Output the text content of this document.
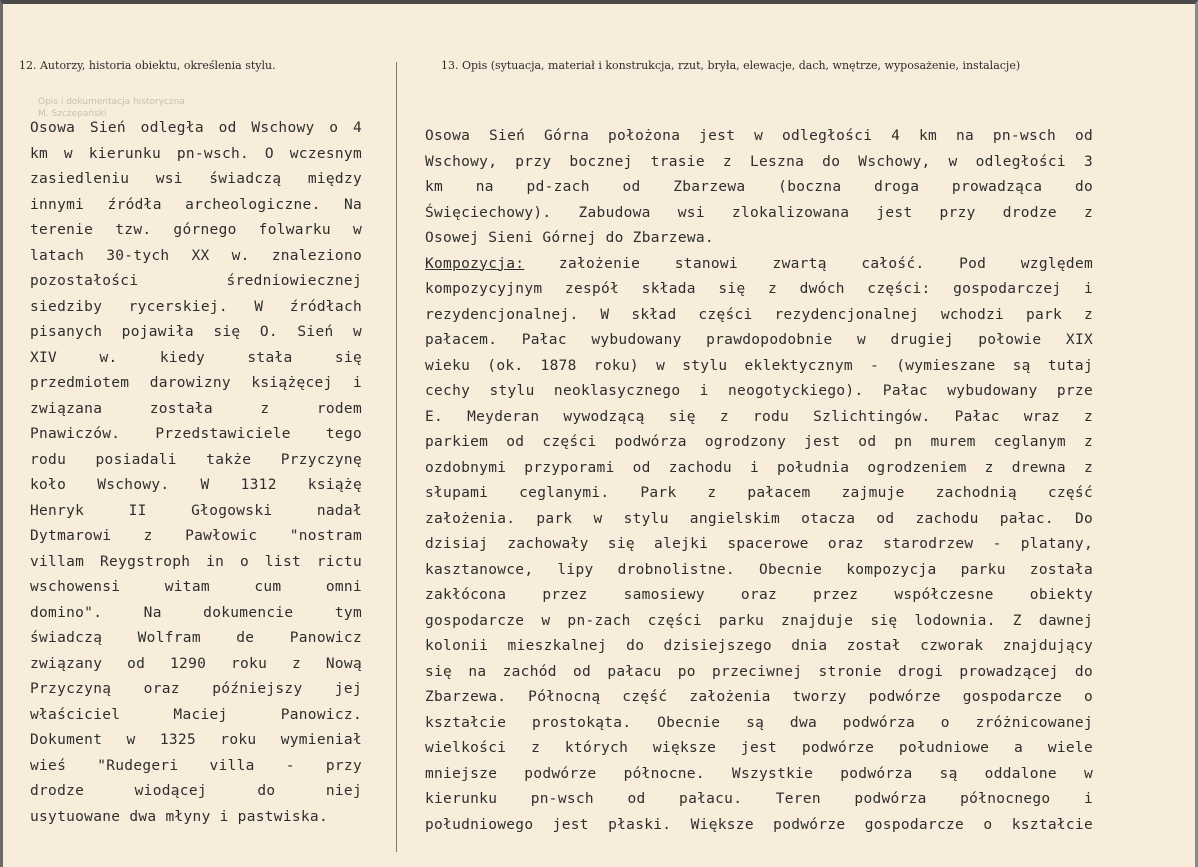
12. Autorzy, historia obiektu, określenia stylu.	13. Opis (sytuacja, materiał i konstrukcja, rzut, bryła, elewacje, dach, wnętrze, wyposażenie, instalacje)
Opis i dokumentacja historyczna
M. Szczepański
Osowa Sień odległa od Wschowy o 4
km w kierunku pn-wsch. O wczesnym
zasiedleniu wsi świadczą między
innymi źródła archeologiczne. Na
terenie tzw. górnego folwarku w
latach 30-tych XX w. znaleziono
pozostałości średniowiecznej
siedziby rycerskiej. W źródłach
pisanych pojawiła się O. Sień w
XIV w. kiedy stała się
przedmiotem darowizny książęcej i
związana została z rodem
Pnawiczów. Przedstawiciele tego
rodu posiadali także Przyczynę
koło Wschowy. W 1312 książę
Henryk II Głogowski nadał
Dytmarowi z Pawłowic "nostram
villam Reygstroph in o list rictu
wschowensi witam cum omni
domino". Na dokumencie tym
świadczą Wolfram de Panowicz
związany od 1290 roku z Nową
Przyczyną oraz późniejszy jej
właściciel Maciej Panowicz.
Dokument w 1325 roku wymieniał
wieś "Rudegeri villa - przy
drodze wiodącej do niej
usytuowane dwa młyny i pastwiska.
Osowa Sień Górna położona jest w odległości 4 km na pn-wsch od
Wschowy, przy bocznej trasie z Leszna do Wschowy, w odległości 3
km na pd-zach od Zbarzewa (boczna droga prowadząca do
Święciechowy). Zabudowa wsi zlokalizowana jest przy drodze z
Osowej Sieni Górnej do Zbarzewa.
Kompozycja: założenie stanowi zwartą całość. Pod względem
kompozycyjnym zespół składa się z dwóch części: gospodarczej i
rezydencjonalnej. W skład części rezydencjonalnej wchodzi park z
pałacem. Pałac wybudowany prawdopodobnie w drugiej połowie XIX
wieku (ok. 1878 roku) w stylu eklektycznym - (wymieszane są tutaj
cechy stylu neoklasycznego i neogotyckiego). Pałac wybudowany prze
E. Meyderan wywodzącą się z rodu Szlichtingów. Pałac wraz z
parkiem od części podwórza ogrodzony jest od pn murem ceglanym z
ozdobnymi przyporami od zachodu i południa ogrodzeniem z drewna z
słupami ceglanymi. Park z pałacem zajmuje zachodnią część
założenia. park w stylu angielskim otacza od zachodu pałac. Do
dzisiaj zachowały się alejki spacerowe oraz starodrzew - platany,
kasztanowce, lipy drobnolistne. Obecnie kompozycja parku została
zakłócona przez samosiewy oraz przez współczesne obiekty
gospodarcze w pn-zach części parku znajduje się lodownia. Z dawnej
kolonii mieszkalnej do dzisiejszego dnia został czworak znajdujący
się na zachód od pałacu po przeciwnej stronie drogi prowadzącej do
Zbarzewa. Północną część założenia tworzy podwórze gospodarcze o
kształcie prostokąta. Obecnie są dwa podwórza o zróżnicowanej
wielkości z których większe jest podwórze południowe a wiele
mniejsze podwórze północne. Wszystkie podwórza są oddalone w
kierunku pn-wsch od pałacu. Teren podwórza północnego i
południowego jest płaski. Większe podwórze gospodarcze o kształcie
